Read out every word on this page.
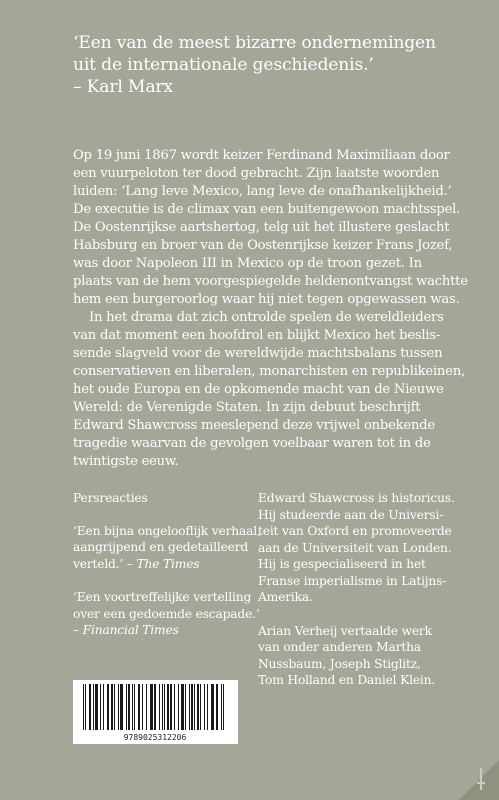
‘Een van de meest bizarre ondernemingen
uit de internationale geschiedenis.’
– Karl Marx
Op 19 juni 1867 wordt keizer Ferdinand Maximiliaan door
een vuurpeloton ter dood gebracht. Zijn laatste woorden
luiden: ‘Lang leve Mexico, lang leve de onafhankelijkheid.’
De executie is de climax van een buitengewoon machtsspel.
De Oostenrijkse aartshertog, telg uit het illustere geslacht
Habsburg en broer van de Oostenrijkse keizer Frans Jozef,
was door Napoleon III in Mexico op de troon gezet. In
plaats van de hem voorgespiegelde heldenontvangst wachtte
hem een burgeroorlog waar hij niet tegen opgewassen was.
In het drama dat zich ontrolde spelen de wereldleiders
van dat moment een hoofdrol en blijkt Mexico het beslis-
sende slagveld voor de wereldwijde machtsbalans tussen
conservatieven en liberalen, monarchisten en republikeinen,
het oude Europa en de opkomende macht van de Nieuwe
Wereld: de Verenigde Staten. In zijn debuut beschrijft
Edward Shawcross meeslepend deze vrijwel onbekende
tragedie waarvan de gevolgen voelbaar waren tot in de
twintigste eeuw.
Persreacties
‘Een bijna ongelooflijk verhaal,
aangrijpend en gedetailleerd
verteld.’ – The Times
‘Een voortreffelijke vertelling
over een gedoemde escapade.’
– Financial Times
Edward Shawcross is historicus.
Hij studeerde aan de Universi-
teit van Oxford en promoveerde
aan de Universiteit van Londen.
Hij is gespecialiseerd in het
Franse imperialisme in Latijns-
Amerika.
Arian Verheij vertaalde werk
van onder anderen Martha
Nussbaum, Joseph Stiglitz,
Tom Holland en Daniel Klein.
9789025312206
